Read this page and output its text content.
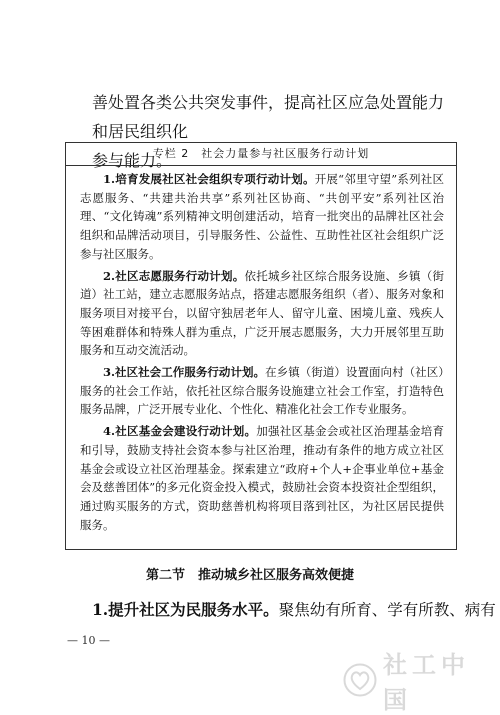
善处置各类公共突发事件，提高社区应急处置能力和居民组织化

参与能力。

专栏 2　社会力量参与社区服务行动计划

1.培育发展社区社会组织专项行动计划。开展“邻里守望”系列社区志愿服务、“共建共治共享”系列社区协商、“共创平安”系列社区治理、“文化铸魂”系列精神文明创建活动，培育一批突出的品牌社区社会组织和品牌活动项目，引导服务性、公益性、互助性社区社会组织广泛参与社区服务。

2.社区志愿服务行动计划。依托城乡社区综合服务设施、乡镇（街道）社工站，建立志愿服务站点，搭建志愿服务组织（者）、服务对象和服务项目对接平台，以留守独居老年人、留守儿童、困境儿童、残疾人等困难群体和特殊人群为重点，广泛开展志愿服务，大力开展邻里互助服务和互动交流活动。

3.社区社会工作服务行动计划。在乡镇（街道）设置面向村（社区）服务的社会工作站，依托社区综合服务设施建立社会工作室，打造特色服务品牌，广泛开展专业化、个性化、精准化社会工作专业服务。

4.社区基金会建设行动计划。加强社区基金会或社区治理基金培育和引导，鼓励支持社会资本参与社区治理，推动有条件的地方成立社区基金会或设立社区治理基金。探索建立“政府+个人+企事业单位+基金会及慈善团体”的多元化资金投入模式，鼓励社会资本投资社企型组织，通过购买服务的方式，资助慈善机构将项目落到社区，为社区居民提供服务。

第二节　推动城乡社区服务高效便捷
1.提升社区为民服务水平。聚焦幼有所育、学有所教、病有
— 10 —
社工中国
